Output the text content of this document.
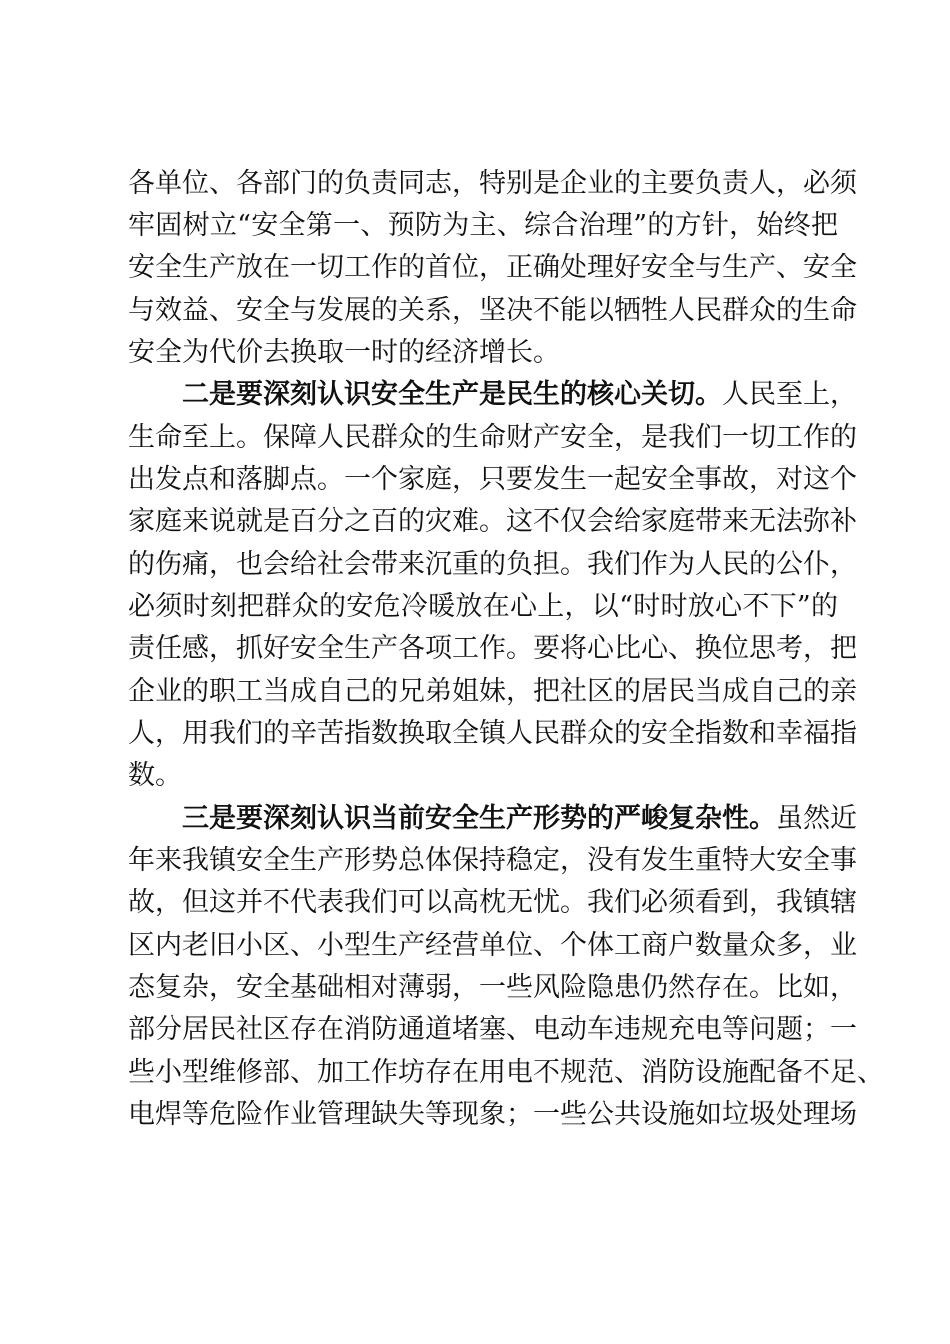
各单位、各部门的负责同志，特别是企业的主要负责人，必须
牢固树立“安全第一、预防为主、综合治理”的方针，始终把
安全生产放在一切工作的首位，正确处理好安全与生产、安全
与效益、安全与发展的关系，坚决不能以牺牲人民群众的生命
安全为代价去换取一时的经济增长。
二是要深刻认识安全生产是民生的核心关切。人民至上，
生命至上。保障人民群众的生命财产安全，是我们一切工作的
出发点和落脚点。一个家庭，只要发生一起安全事故，对这个
家庭来说就是百分之百的灾难。这不仅会给家庭带来无法弥补
的伤痛，也会给社会带来沉重的负担。我们作为人民的公仆，
必须时刻把群众的安危冷暖放在心上，以“时时放心不下”的
责任感，抓好安全生产各项工作。要将心比心、换位思考，把
企业的职工当成自己的兄弟姐妹，把社区的居民当成自己的亲
人，用我们的辛苦指数换取全镇人民群众的安全指数和幸福指
数。
三是要深刻认识当前安全生产形势的严峻复杂性。虽然近
年来我镇安全生产形势总体保持稳定，没有发生重特大安全事
故，但这并不代表我们可以高枕无忧。我们必须看到，我镇辖
区内老旧小区、小型生产经营单位、个体工商户数量众多，业
态复杂，安全基础相对薄弱，一些风险隐患仍然存在。比如，
部分居民社区存在消防通道堵塞、电动车违规充电等问题；一
些小型维修部、加工作坊存在用电不规范、消防设施配备不足、
电焊等危险作业管理缺失等现象；一些公共设施如垃圾处理场
